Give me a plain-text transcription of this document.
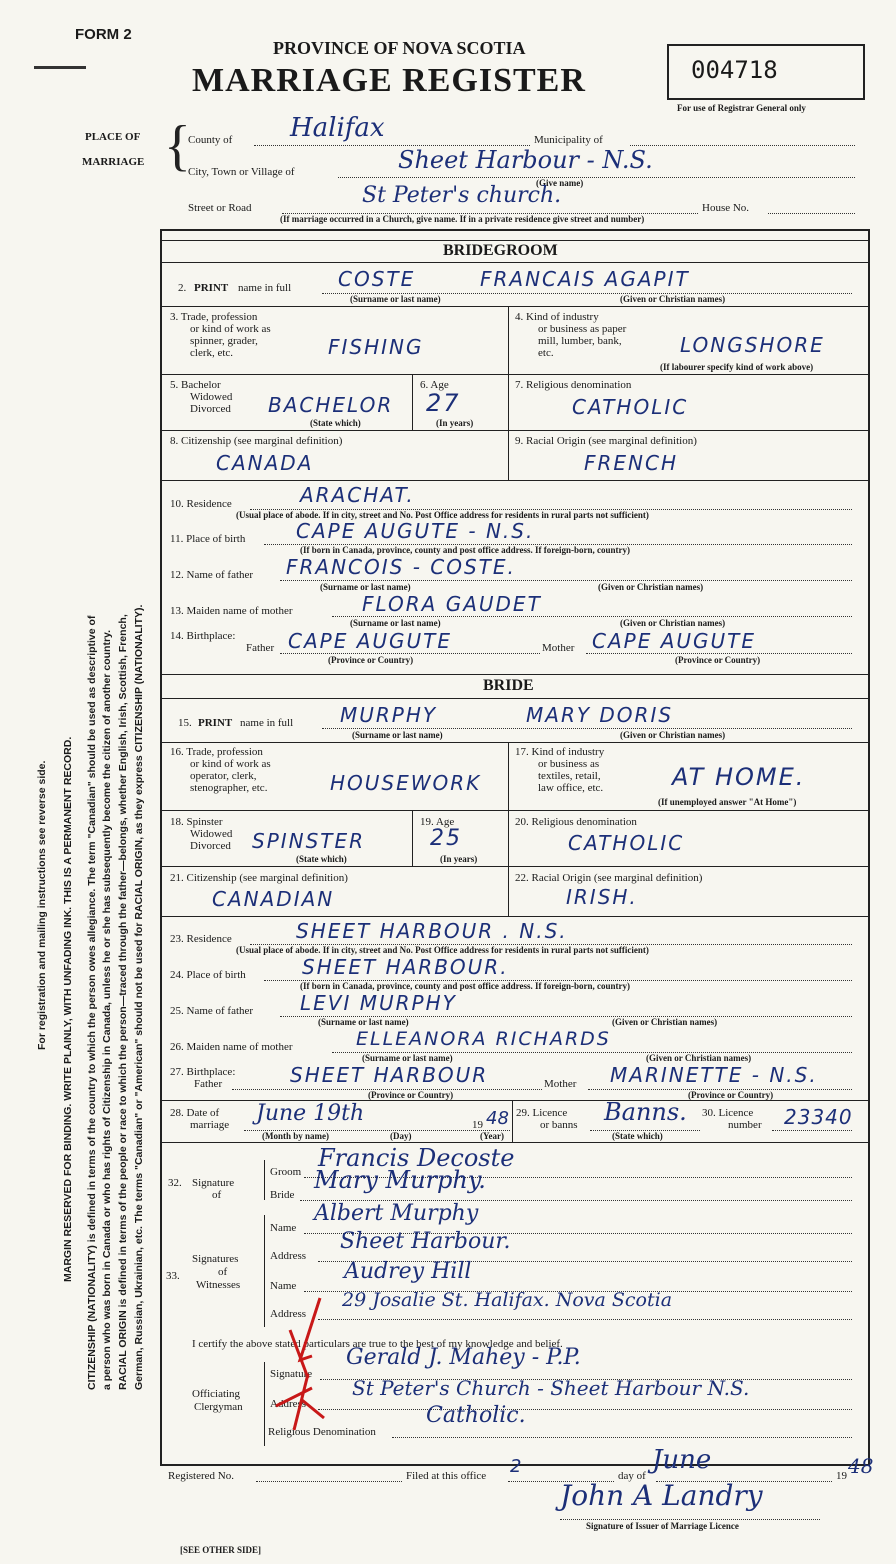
For registration and mailing instructions see reverse side. MARGIN RESERVED FOR BINDING. WRITE PLAINLY, WITH UNFADING INK. THIS IS A PERMANENT RECORD. CITIZENSHIP (NATIONALITY) is defined in terms of the country to which the person owes allegiance. The term "Canadian" should be used as descriptive of a person who was born in Canada or who has rights of Citizenship in Canada, unless he or she has subsequently become the citizen of another country. RACIAL ORIGIN is defined in terms of the people or race to which the person—traced through the father—belongs, whether English, Irish, Scottish, French, German, Russian, Ukrainian, etc. The terms "Canadian" or "American" should not be used for RACIAL ORIGIN, as they express CITIZENSHIP (NATIONALITY).
FORM 2
PROVINCE OF NOVA SCOTIA
MARRIAGE REGISTER	004718
For use of Registrar General only
PLACE OF
MARRIAGE {
County of Halifax	Municipality of
City, Town or Village of	Sheet Harbour - N.S.
(Give name)
Street or Road	St Peter's church.	House No.
(If marriage occurred in a Church, give name. If in a private residence give street and number)
BRIDEGROOM
2. PRINT name in full COSTE	FRANCAIS AGAPIT
(Surname or last name)	(Given or Christian names)
3. Trade, profession
or kind of work as
spinner, grader,
clerk, etc.	FISHING
4. Kind of industry
or business as paper
mill, lumber, bank,
etc.	LONGSHORE
(If labourer specify kind of work above)
5. Bachelor
Widowed
Divorced BACHELOR
(State which)
6. Age
27
(In years)
7. Religious denomination
CATHOLIC
8. Citizenship (see marginal definition)
CANADA
9. Racial Origin (see marginal definition)
FRENCH
10. Residence	ARACHAT.
(Usual place of abode. If in city, street and No. Post Office address for residents in rural parts not sufficient)
11. Place of birth	CAPE AUGUTE - N.S.
(If born in Canada, province, county and post office address. If foreign-born, country)
12. Name of father FRANCOIS - COSTE.
(Surname or last name)	(Given or Christian names)
13. Maiden name of mother	FLORA GAUDET
(Surname or last name)	(Given or Christian names)
14. Birthplace:
Father CAPE AUGUTE
(Province or Country)
Mother CAPE AUGUTE
(Province or Country)
BRIDE
15. PRINT name in full MURPHY	MARY DORIS
(Surname or last name)	(Given or Christian names)
16. Trade, profession
or kind of work as
operator, clerk,
stenographer, etc.	HOUSEWORK
17. Kind of industry
or business as
textiles, retail,
law office, etc.	AT HOME.
(If unemployed answer "At Home")
18. Spinster
Widowed
Divorced SPINSTER
(State which)
19. Age
25
(In years)
20. Religious denomination
CATHOLIC
21. Citizenship (see marginal definition)
CANADIAN
22. Racial Origin (see marginal definition)
IRISH.
23. Residence	SHEET HARBOUR . N.S.
(Usual place of abode. If in city, street and No. Post Office address for residents in rural parts not sufficient)
24. Place of birth	SHEET HARBOUR.
(If born in Canada, province, county and post office address. If foreign-born, country)
25. Name of father LEVI MURPHY
(Surname or last name)	(Given or Christian names)
26. Maiden name of mother	ELLEANORA RICHARDS
(Surname or last name)	(Given or Christian names)
27. Birthplace:
Father	SHEET HARBOUR
(Province or Country)
Mother MARINETTE - N.S.
(Province or Country)
28. Date of
marriage June 19th	19 48
(Month by name)	(Day)	(Year)
29. Licence
or banns Banns.
(State which)
30. Licence
number 23340
32. Signature
of
Groom Francis Decoste
Bride
Mary Murphy.
33.
Signatures
of
Witnesses
Name
Albert Murphy
Address
Sheet Harbour.
Name
Audrey Hill
Address
29 Josalie St. Halifax. Nova Scotia
I certify the above stated particulars are true to the best of my knowledge and belief.
Officiating
Clergyman
Signature
Gerald J. Mahey - P.P.
Address
St Peter's Church - Sheet Harbour N.S.
Religious Denomination
Catholic.
Registered No.	Filed at this office 2	day of
June
19 48
John A Landry
Signature of Issuer of Marriage Licence
[SEE OTHER SIDE]
